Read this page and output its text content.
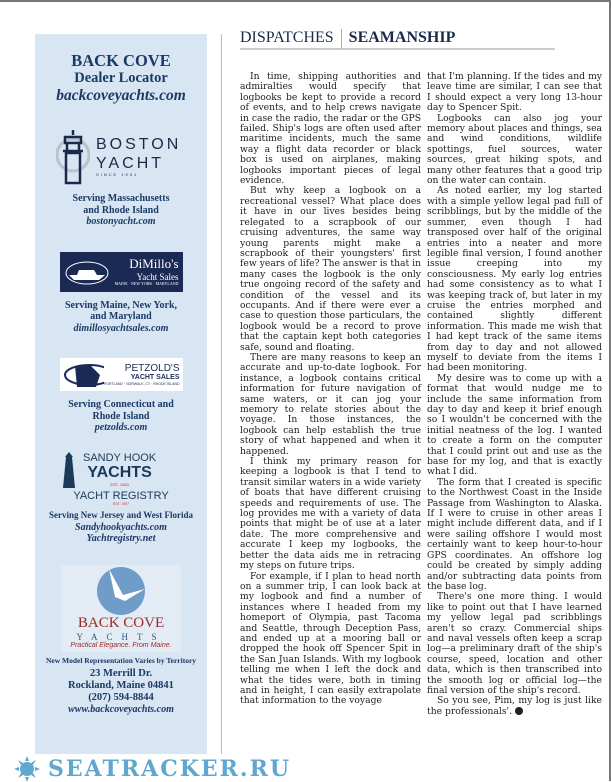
BACK COVE
Dealer Locator
backcoveyachts.com
BOSTON
YACHT
SINCE 1951
Serving Massachusetts
and Rhode Island
bostonyacht.com
DiMillo's
Yacht Sales
MAINE · NEW YORK · MARYLAND
Serving Maine, New York,
and Maryland
dimillosyachtsales.com
PETZOLD'S
YACHT SALES
PORTLAND · NORWALK, CT · RHODE ISLAND
Serving Connecticut and
Rhode Island
petzolds.com
SANDY HOOK
YACHTS
EST. 1983
YACHT REGISTRY
EST. 1997
Serving New Jersey and West Florida
Sandyhookyachts.com
Yachtregistry.net
BACK COVE
YACHTS
Practical Elegance. From Maine.
New Model Representation Varies by Territory
23 Merrill Dr.
Rockland, Maine 04841
(207) 594-8844
www.backcoveyachts.com
DISPATCHES SEAMANSHIP

In time, shipping authorities and admiralties would specify that logbooks be kept to provide a record of events, and to help crews navigate in case the radio, the radar or the GPS failed. Ship's logs are often used after maritime incidents, much the same way a flight data recorder or black box is used on airplanes, making logbooks important pieces of legal evidence.

But why keep a logbook on a recreational vessel? What place does it have in our lives besides being relegated to a scrapbook of our cruising adventures, the same way young parents might make a scrapbook of their youngsters' first few years of life? The answer is that in many cases the logbook is the only true ongoing record of the safety and condition of the vessel and its occupants. And if there were ever a case to question those particulars, the logbook would be a record to prove that the captain kept both categories safe, sound and floating.

There are many reasons to keep an accurate and up-to-date logbook. For instance, a logbook contains critical information for future navigation of same waters, or it can jog your memory to relate stories about the voyage. In those instances, the logbook can help establish the true story of what happened and when it happened.

I think my primary reason for keeping a logbook is that I tend to transit similar waters in a wide variety of boats that have different cruising speeds and requirements of use. The log provides me with a variety of data points that might be of use at a later date. The more comprehensive and accurate I keep my logbooks, the better the data aids me in retracing my steps on future trips.

For example, if I plan to head north on a summer trip, I can look back at my logbook and find a number of instances where I headed from my homeport of Olympia, past Tacoma and Seattle, through Deception Pass, and ended up at a mooring ball or dropped the hook off Spencer Spit in the San Juan Islands. With my logbook telling me when I left the dock and what the tides were, both in timing and in height, I can easily extrapolate that information to the voyage

that I'm planning. If the tides and my leave time are similar, I can see that I should expect a very long 13-hour day to Spencer Spit.

Logbooks can also jog your memory about places and things, sea and wind conditions, wildlife spottings, fuel sources, water sources, great hiking spots, and many other features that a good trip on the water can contain.

As noted earlier, my log started with a simple yellow legal pad full of scribblings, but by the middle of the summer, even though I had transposed over half of the original entries into a neater and more legible final version, I found another issue creeping into my consciousness. My early log entries had some consistency as to what I was keeping track of, but later in my cruise the entries morphed and contained slightly different information. This made me wish that I had kept track of the same items from day to day and not allowed myself to deviate from the items I had been monitoring.

My desire was to come up with a format that would nudge me to include the same information from day to day and keep it brief enough so I wouldn't be concerned with the initial neatness of the log. I wanted to create a form on the computer that I could print out and use as the base for my log, and that is exactly what I did.

The form that I created is specific to the Northwest Coast in the Inside Passage from Washington to Alaska. If I were to cruise in other areas I might include different data, and if I were sailing offshore I would most certainly want to keep hour-to-hour GPS coordinates. An offshore log could be created by simply adding and/or subtracting data points from the base log.

There's one more thing. I would like to point out that I have learned my yellow legal pad scribblings aren't so crazy. Commercial ships and naval vessels often keep a scrap log—a preliminary draft of the ship's course, speed, location and other data, which is then transcribed into the smooth log or official log—the final version of the ship's record.

So you see, Pim, my log is just like the professionals'.

SEATRACKER.RU
